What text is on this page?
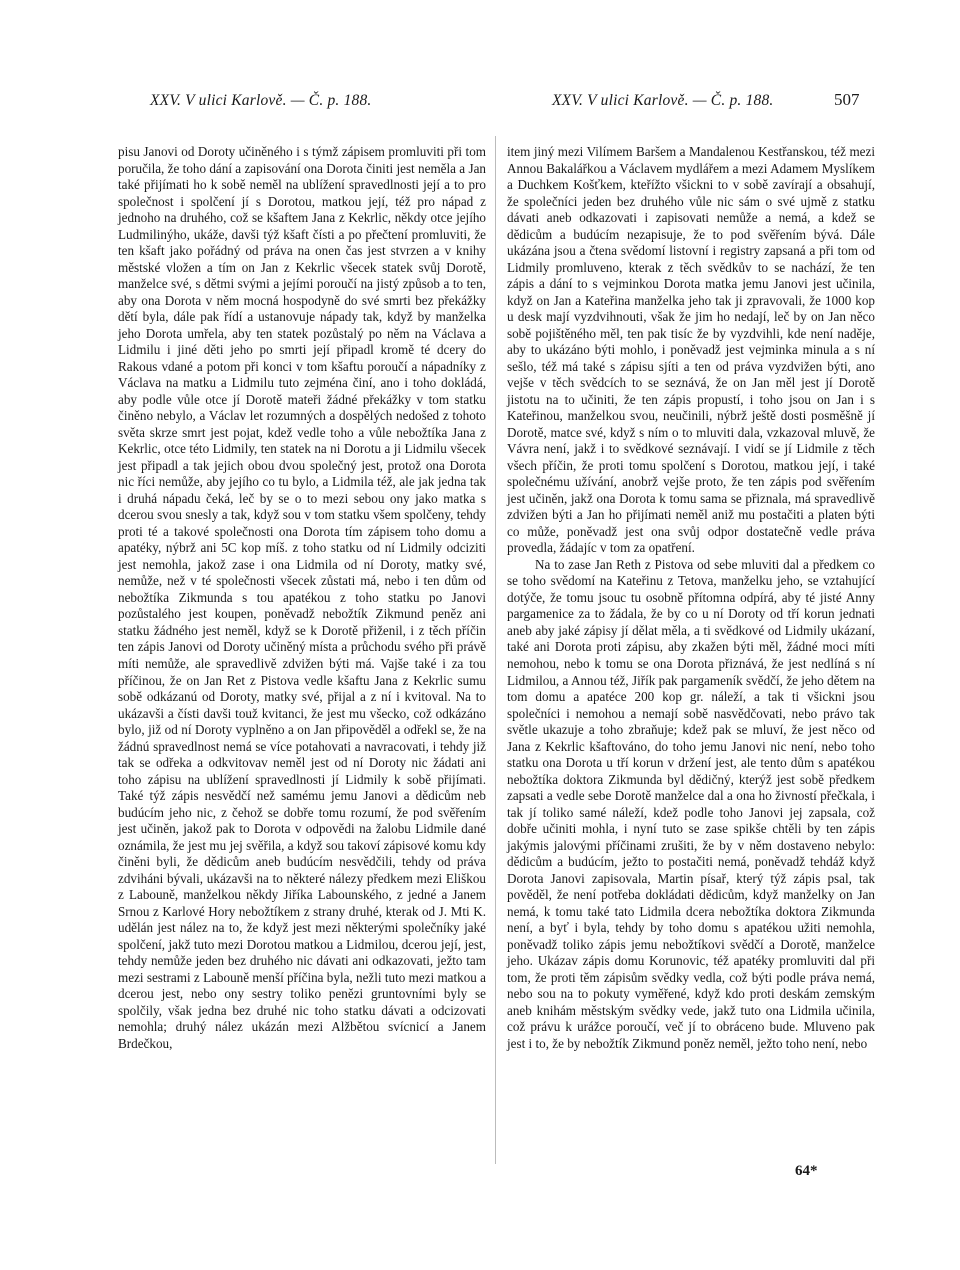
XXV. V ulici Karlově. — Č. p. 188.	XXV. V ulici Karlově. — Č. p. 188.	507

pisu Janovi od Doroty učiněného i s týmž zápisem promluviti při tom poručila, že toho dání a zapisování ona Dorota činiti jest neměla a Jan také přijímati ho k sobě neměl na ublížení spravedlnosti její a to pro společnost i spolčení jí s Dorotou, matkou její, též pro nápad z jednoho na druhého, což se kšaftem Jana z Kekrlic, někdy otce jejího Ludmilinýho, ukáže, davši týž kšaft čísti a po přečtení promluviti, že ten kšaft jako pořádný od práva na onen čas jest stvrzen a v knihy městské vložen a tím on Jan z Kekrlic všecek statek svůj Dorotě, manželce své, s dětmi svými a jejími poroučí na jistý způsob a to ten, aby ona Dorota v něm mocná hospodyně do své smrti bez překážky dětí byla, dále pak řídí a ustanovuje nápady tak, když by manželka jeho Dorota umřela, aby ten statek pozůstalý po něm na Václava a Lidmilu i jiné děti jeho po smrti její připadl kromě té dcery do Rakous vdané a potom při konci v tom kšaftu poroučí a nápadníky z Václava na matku a Lidmilu tuto zejména činí, ano i toho dokládá, aby podle vůle otce jí Dorotě mateři žádné překážky v tom statku činěno nebylo, a Václav let rozumných a dospělých nedošed z tohoto světa skrze smrt jest pojat, kdež vedle toho a vůle nebožtíka Jana z Kekrlic, otce této Lidmily, ten statek na ni Dorotu a ji Lidmilu všecek jest připadl a tak jejich obou dvou společný jest, protož ona Dorota nic říci nemůže, aby jejího co tu bylo, a Lidmila též, ale jak jedna tak i druhá nápadu čeká, leč by se o to mezi sebou ony jako matka s dcerou svou snesly a tak, když sou v tom statku všem spolčeny, tehdy proti té a takové společnosti ona Dorota tím zápisem toho domu a apatéky, nýbrž ani 5C kop míš. z toho statku od ní Lidmily odciziti jest nemohla, jakož zase i ona Lidmila od ní Doroty, matky své, nemůže, než v té společnosti všecek zůstati má, nebo i ten dům od nebožtíka Zikmunda s tou apatékou z toho statku po Janovi pozůstalého jest koupen, poněvadž nebožtík Zikmund peněz ani statku žádného jest neměl, když se k Dorotě přiženil, i z těch příčin ten zápis Janovi od Doroty učiněný místa a průchodu svého při právě míti nemůže, ale spravedlivě zdvižen býti má. Vajše také i za tou příčinou, že on Jan Ret z Pistova vedle kšaftu Jana z Kekrlic sumu sobě odkázanú od Doroty, matky své, přijal a z ní i kvitoval. Na to ukázavši a čísti davši touž kvitanci, že jest mu všecko, což odkázáno bylo, již od ní Doroty vyplněno a on Jan připověděl a odřekl se, že na žádnú spravedlnost nemá se více potahovati a navracovati, i tehdy již tak se odřeka a odkvitovav neměl jest od ní Doroty nic žádati ani toho zápisu na ublížení spravedlnosti jí Lidmily k sobě přijímati. Také týž zápis nesvědčí než samému jemu Janovi a dědicům neb budúcím jeho nic, z čehož se dobře tomu rozumí, že pod svěřením jest učiněn, jakož pak to Dorota v odpovědi na žalobu Lidmile dané oznámila, že jest mu jej svěřila, a když sou takoví zápisové komu kdy činěni byli, že dědicům aneb budúcím nesvědčili, tehdy od práva zdviháni bývali, ukázavši na to některé nálezy předkem mezi Eliškou z Labouně, manželkou někdy Jiříka Labounského, z jedné a Janem Srnou z Karlové Hory nebožtíkem z strany druhé, kterak od J. Mti K. udělán jest nález na to, že když jest mezi některými společníky jaké spolčení, jakž tuto mezi Dorotou matkou a Lidmilou, dcerou její, jest, tehdy nemůže jeden bez druhého nic dávati ani odkazovati, ježto tam mezi sestrami z Labouně menší příčina byla, nežli tuto mezi matkou a dcerou jest, nebo ony sestry toliko penězi gruntovními byly se spolčily, však jedna bez druhé nic toho statku dávati a odcizovati nemohla; druhý nález ukázán mezi Alžbětou svícnicí a Janem Brdečkou,

item jiný mezi Vilímem Baršem a Mandalenou Kestřanskou, též mezi Annou Bakalářkou a Václavem mydlářem a mezi Adamem Myslíkem a Duchkem Košťkem, kteřížto všickni to v sobě zavírají a obsahují, že společníci jeden bez druhého vůle nic sám o své ujmě z statku dávati aneb odkazovati i zapisovati nemůže a nemá, a kdež se dědicům a budúcím nezapisuje, že to pod svěřením bývá. Dále ukázána jsou a čtena svědomí listovní i registry zapsaná a při tom od Lidmily promluveno, kterak z těch svědkův to se nachází, že ten zápis a dání to s vejminkou Dorota matka jemu Janovi jest učinila, když on Jan a Kateřina manželka jeho tak ji zpravovali, že 1000 kop u desk mají vyzdvihnouti, však že jim ho nedají, leč by on Jan něco sobě pojištěného měl, ten pak tisíc že by vyzdvihli, kde není naděje, aby to ukázáno býti mohlo, i poněvadž jest vejminka minula a s ní sešlo, též má také s zápisu sjíti a ten od práva vyzdvižen býti, ano vejše v těch svědcích to se seznává, že on Jan měl jest jí Dorotě jistotu na to učiniti, že ten zápis propustí, i toho jsou on Jan i s Kateřinou, manželkou svou, neučinili, nýbrž ještě dosti posměšně jí Dorotě, matce své, když s ním o to mluviti dala, vzkazoval mluvě, že Vávra není, jakž i to svědkové seznávají. I vidí se jí Lidmile z těch všech příčin, že proti tomu spolčení s Dorotou, matkou její, i také společnému užívání, anobrž vejše proto, že ten zápis pod svěřením jest učiněn, jakž ona Dorota k tomu sama se přiznala, má spravedlivě zdvižen býti a Jan ho přijímati neměl aniž mu postačiti a platen býti co může, poněvadž jest ona svůj odpor dostatečně vedle práva provedla, žádajíc v tom za opatření.

Na to zase Jan Reth z Pistova od sebe mluviti dal a předkem co se toho svědomí na Kateřinu z Tetova, manželku jeho, se vztahující dotýče, že tomu jsouc tu osobně přítomna odpírá, aby té jisté Anny pargamenice za to žádala, že by co u ní Doroty od tří korun jednati aneb aby jaké zápisy jí dělat měla, a ti svědkové od Lidmily ukázaní, také ani Dorota proti zápisu, aby zkažen býti měl, žádné moci míti nemohou, nebo k tomu se ona Dorota přiznává, že jest nedlíná s ní Lidmilou, a Annou též, Jiřík pak pargameník svědčí, že jeho dětem na tom domu a apatéce 200 kop gr. náleží, a tak ti všickni jsou společníci i nemohou a nemají sobě nasvědčovati, nebo právo tak světle ukazuje a toho zbraňuje; kdež pak se mluví, že jest něco od Jana z Kekrlic kšaftováno, do toho jemu Janovi nic není, nebo toho statku ona Dorota u tří korun v držení jest, ale tento dům s apatékou nebožtíka doktora Zikmunda byl dědičný, kterýž jest sobě předkem zapsati a vedle sebe Dorotě manželce dal a ona ho živností přečkala, i tak jí toliko samé náleží, kdež podle toho Janovi jej zapsala, což dobře učiniti mohla, i nyní tuto se zase spikše chtěli by ten zápis jakýmis jalovými příčinami zrušiti, že by v něm dostaveno nebylo: dědicům a budúcím, ježto to postačiti nemá, poněvadž tehdáž když Dorota Janovi zapisovala, Martin písař, který týž zápis psal, tak pověděl, že není potřeba dokládati dědicům, když manželky on Jan nemá, k tomu také tato Lidmila dcera nebožtíka doktora Zikmunda není, a byť i byla, tehdy by toho domu s apatékou užiti nemohla, poněvadž toliko zápis jemu nebožtíkovi svědčí a Dorotě, manželce jeho. Ukázav zápis domu Korunovic, též apatéky promluviti dal při tom, že proti těm zápisům svědky vedla, což býti podle práva nemá, nebo sou na to pokuty vyměřené, když kdo proti deskám zemským aneb knihám městským svědky vede, jakž tuto ona Lidmila učinila, což právu k urážce poroučí, več jí to obráceno bude. Mluveno pak jest i to, že by nebožtík Zikmund poněz neměl, ježto toho není, nebo

64*
